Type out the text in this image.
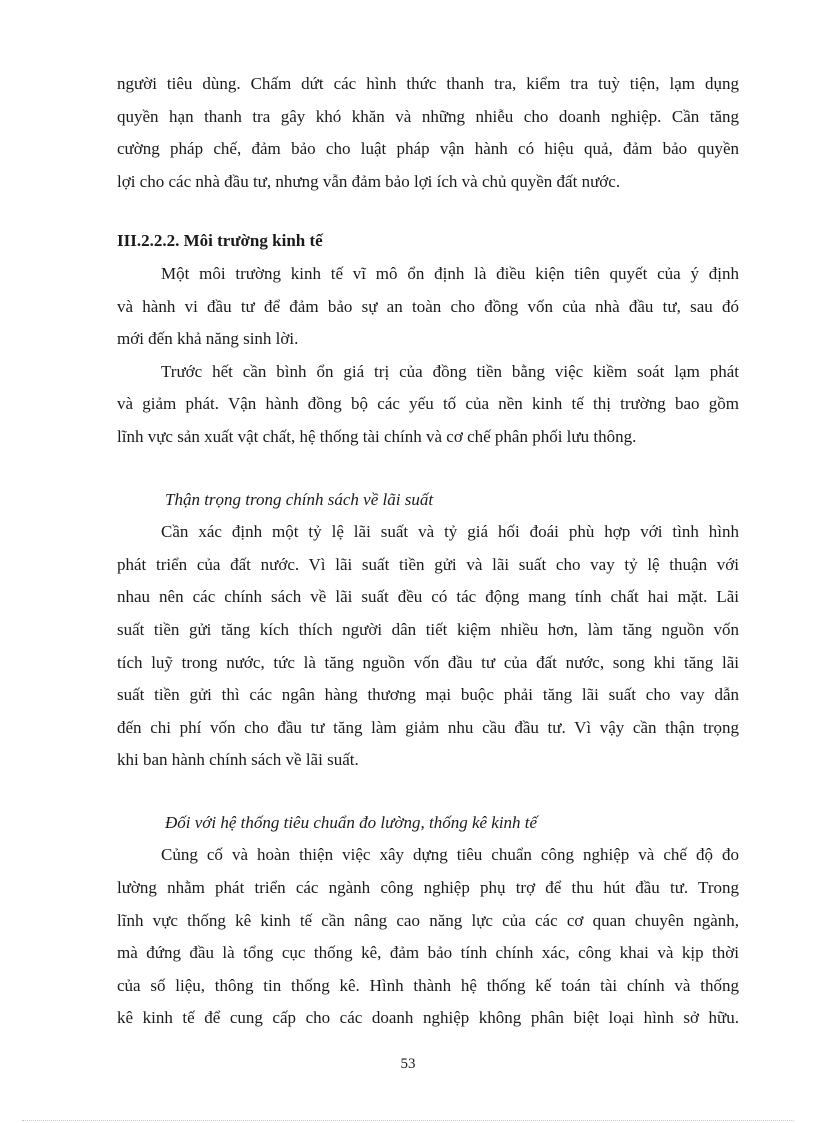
người tiêu dùng. Chấm dứt các hình thức thanh tra, kiểm tra tuỳ tiện, lạm dụng
quyền hạn thanh tra gây khó khăn và những nhiễu cho doanh nghiệp. Cần tăng
cường pháp chế, đảm bảo cho luật pháp vận hành có hiệu quả, đảm bảo quyền
lợi cho các nhà đầu tư, nhưng vẫn đảm bảo lợi ích và chủ quyền đất nước.
III.2.2.2. Môi trường kinh tế
Một môi trường kinh tế vĩ mô ổn định là điều kiện tiên quyết của ý định
và hành vi đầu tư để đảm bảo sự an toàn cho đồng vốn của nhà đầu tư, sau đó
mới đến khả năng sinh lời.
Trước hết cần bình ổn giá trị của đồng tiền bằng việc kiềm soát lạm phát
và giảm phát. Vận hành đồng bộ các yếu tố của nền kinh tế thị trường bao gồm
lĩnh vực sản xuất vật chất, hệ thống tài chính và cơ chế phân phối lưu thông.
Thận trọng trong chính sách về lãi suất
Cần xác định một tỷ lệ lãi suất và tỷ giá hối đoái phù hợp với tình hình
phát triển của đất nước. Vì lãi suất tiền gửi và lãi suất cho vay tỷ lệ thuận với
nhau nên các chính sách về lãi suất đều có tác động mang tính chất hai mặt. Lãi
suất tiền gửi tăng kích thích người dân tiết kiệm nhiều hơn, làm tăng nguồn vốn
tích luỹ trong nước, tức là tăng nguồn vốn đầu tư của đất nước, song khi tăng lãi
suất tiền gửi thì các ngân hàng thương mại buộc phải tăng lãi suất cho vay dẫn
đến chi phí vốn cho đầu tư tăng làm giảm nhu cầu đầu tư. Vì vậy cần thận trọng
khi ban hành chính sách về lãi suất.
Đối với hệ thống tiêu chuẩn đo lường, thống kê kinh tế
Củng cố và hoàn thiện việc xây dựng tiêu chuẩn công nghiệp và chế độ đo
lường nhằm phát triển các ngành công nghiệp phụ trợ để thu hút đầu tư. Trong
lĩnh vực thống kê kinh tế cần nâng cao năng lực của các cơ quan chuyên ngành,
mà đứng đầu là tổng cục thống kê, đảm bảo tính chính xác, công khai và kịp thời
của số liệu, thông tin thống kê. Hình thành hệ thống kế toán tài chính và thống
kê kinh tế để cung cấp cho các doanh nghiệp không phân biệt loại hình sở hữu.
53
